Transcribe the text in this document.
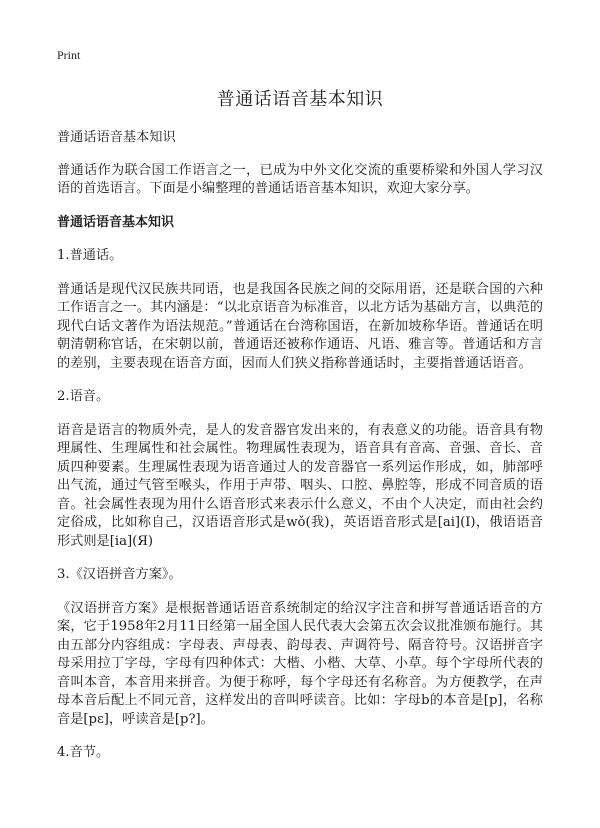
Print
普通话语音基本知识

普通话语音基本知识

普通话作为联合国工作语言之一，已成为中外文化交流的重要桥梁和外国人学习汉语的首选语言。下面是小编整理的普通话语音基本知识，欢迎大家分享。

普通话语音基本知识

1.普通话。

普通话是现代汉民族共同语，也是我国各民族之间的交际用语，还是联合国的六种工作语言之一。其内涵是：“以北京语音为标准音，以北方话为基础方言，以典范的现代白话文著作为语法规范。”普通话在台湾称国语，在新加坡称华语。普通话在明朝清朝称官话，在宋朝以前，普通语还被称作通语、凡语、雅言等。普通话和方言的差别，主要表现在语音方面，因而人们狭义指称普通话时，主要指普通话语音。

2.语音。

语音是语言的物质外壳，是人的发音器官发出来的，有表意义的功能。语音具有物理属性、生理属性和社会属性。物理属性表现为，语音具有音高、音强、音长、音质四种要素。生理属性表现为语音通过人的发音器官一系列运作形成，如，肺部呼出气流，通过气管至喉头，作用于声带、咽头、口腔、鼻腔等，形成不同音质的语音。社会属性表现为用什么语音形式来表示什么意义，不由个人决定，而由社会约定俗成，比如称自己，汉语语音形式是wǒ(我)，英语语音形式是[ai](I)，俄语语音形式则是[ia](Я)

3.《汉语拼音方案》。

《汉语拼音方案》是根据普通话语音系统制定的给汉字注音和拼写普通话语音的方案，它于1958年2月11日经第一届全国人民代表大会第五次会议批准颁布施行。其由五部分内容组成：字母表、声母表、韵母表、声调符号、隔音符号。汉语拼音字母采用拉丁字母，字母有四种体式：大楷、小楷、大草、小草。每个字母所代表的音叫本音，本音用来拼音。为便于称呼，每个字母还有名称音。为方便教学，在声母本音后配上不同元音，这样发出的音叫呼读音。比如：字母b的本音是[p]，名称音是[pɛ]，呼读音是[p?]。

4.音节。
